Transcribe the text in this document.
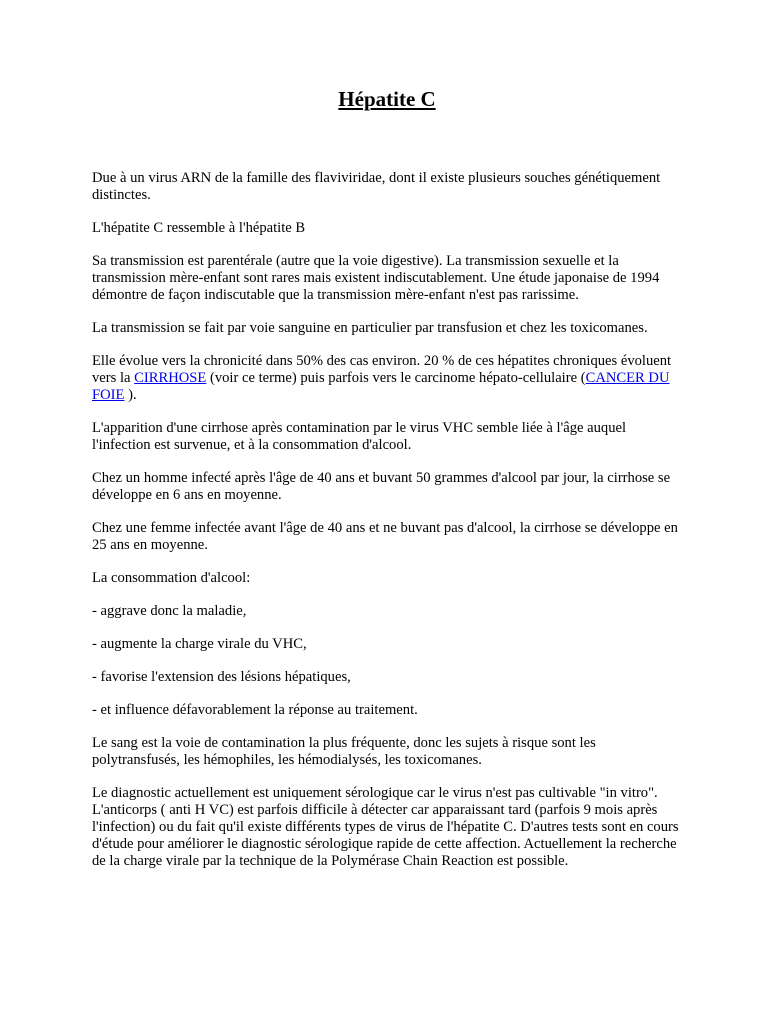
Hépatite C

Due à un virus ARN de la famille des flaviviridae, dont il existe plusieurs souches génétiquement distinctes.

L'hépatite C ressemble à l'hépatite B

Sa transmission est parentérale (autre que la voie digestive). La transmission sexuelle et la transmission mère-enfant sont rares mais existent indiscutablement. Une étude japonaise de 1994 démontre de façon indiscutable que la transmission mère-enfant n'est pas rarissime.

La transmission se fait par voie sanguine en particulier par transfusion et chez les toxicomanes.

Elle évolue vers la chronicité dans 50% des cas environ. 20 % de ces hépatites chroniques évoluent vers la CIRRHOSE (voir ce terme) puis parfois vers le carcinome hépato-cellulaire (CANCER DU FOIE ).

L'apparition d'une cirrhose après contamination par le virus VHC semble liée à l'âge auquel l'infection est survenue, et à la consommation d'alcool.

Chez un homme infecté après l'âge de 40 ans et buvant 50 grammes d'alcool par jour, la cirrhose se développe en 6 ans en moyenne.

Chez une femme infectée avant l'âge de 40 ans et ne buvant pas d'alcool, la cirrhose se développe en 25 ans en moyenne.

La consommation d'alcool:

- aggrave donc la maladie,

- augmente la charge virale du VHC,

- favorise l'extension des lésions hépatiques,

- et influence défavorablement la réponse au traitement.

Le sang est la voie de contamination la plus fréquente, donc les sujets à risque sont les polytransfusés, les hémophiles, les hémodialysés, les toxicomanes.

Le diagnostic actuellement est uniquement sérologique car le virus n'est pas cultivable "in vitro". L'anticorps ( anti H VC) est parfois difficile à détecter car apparaissant tard (parfois 9 mois après l'infection) ou du fait qu'il existe différents types de virus de l'hépatite C. D'autres tests sont en cours d'étude pour améliorer le diagnostic sérologique rapide de cette affection. Actuellement la recherche de la charge virale par la technique de la Polymérase Chain Reaction est possible.
